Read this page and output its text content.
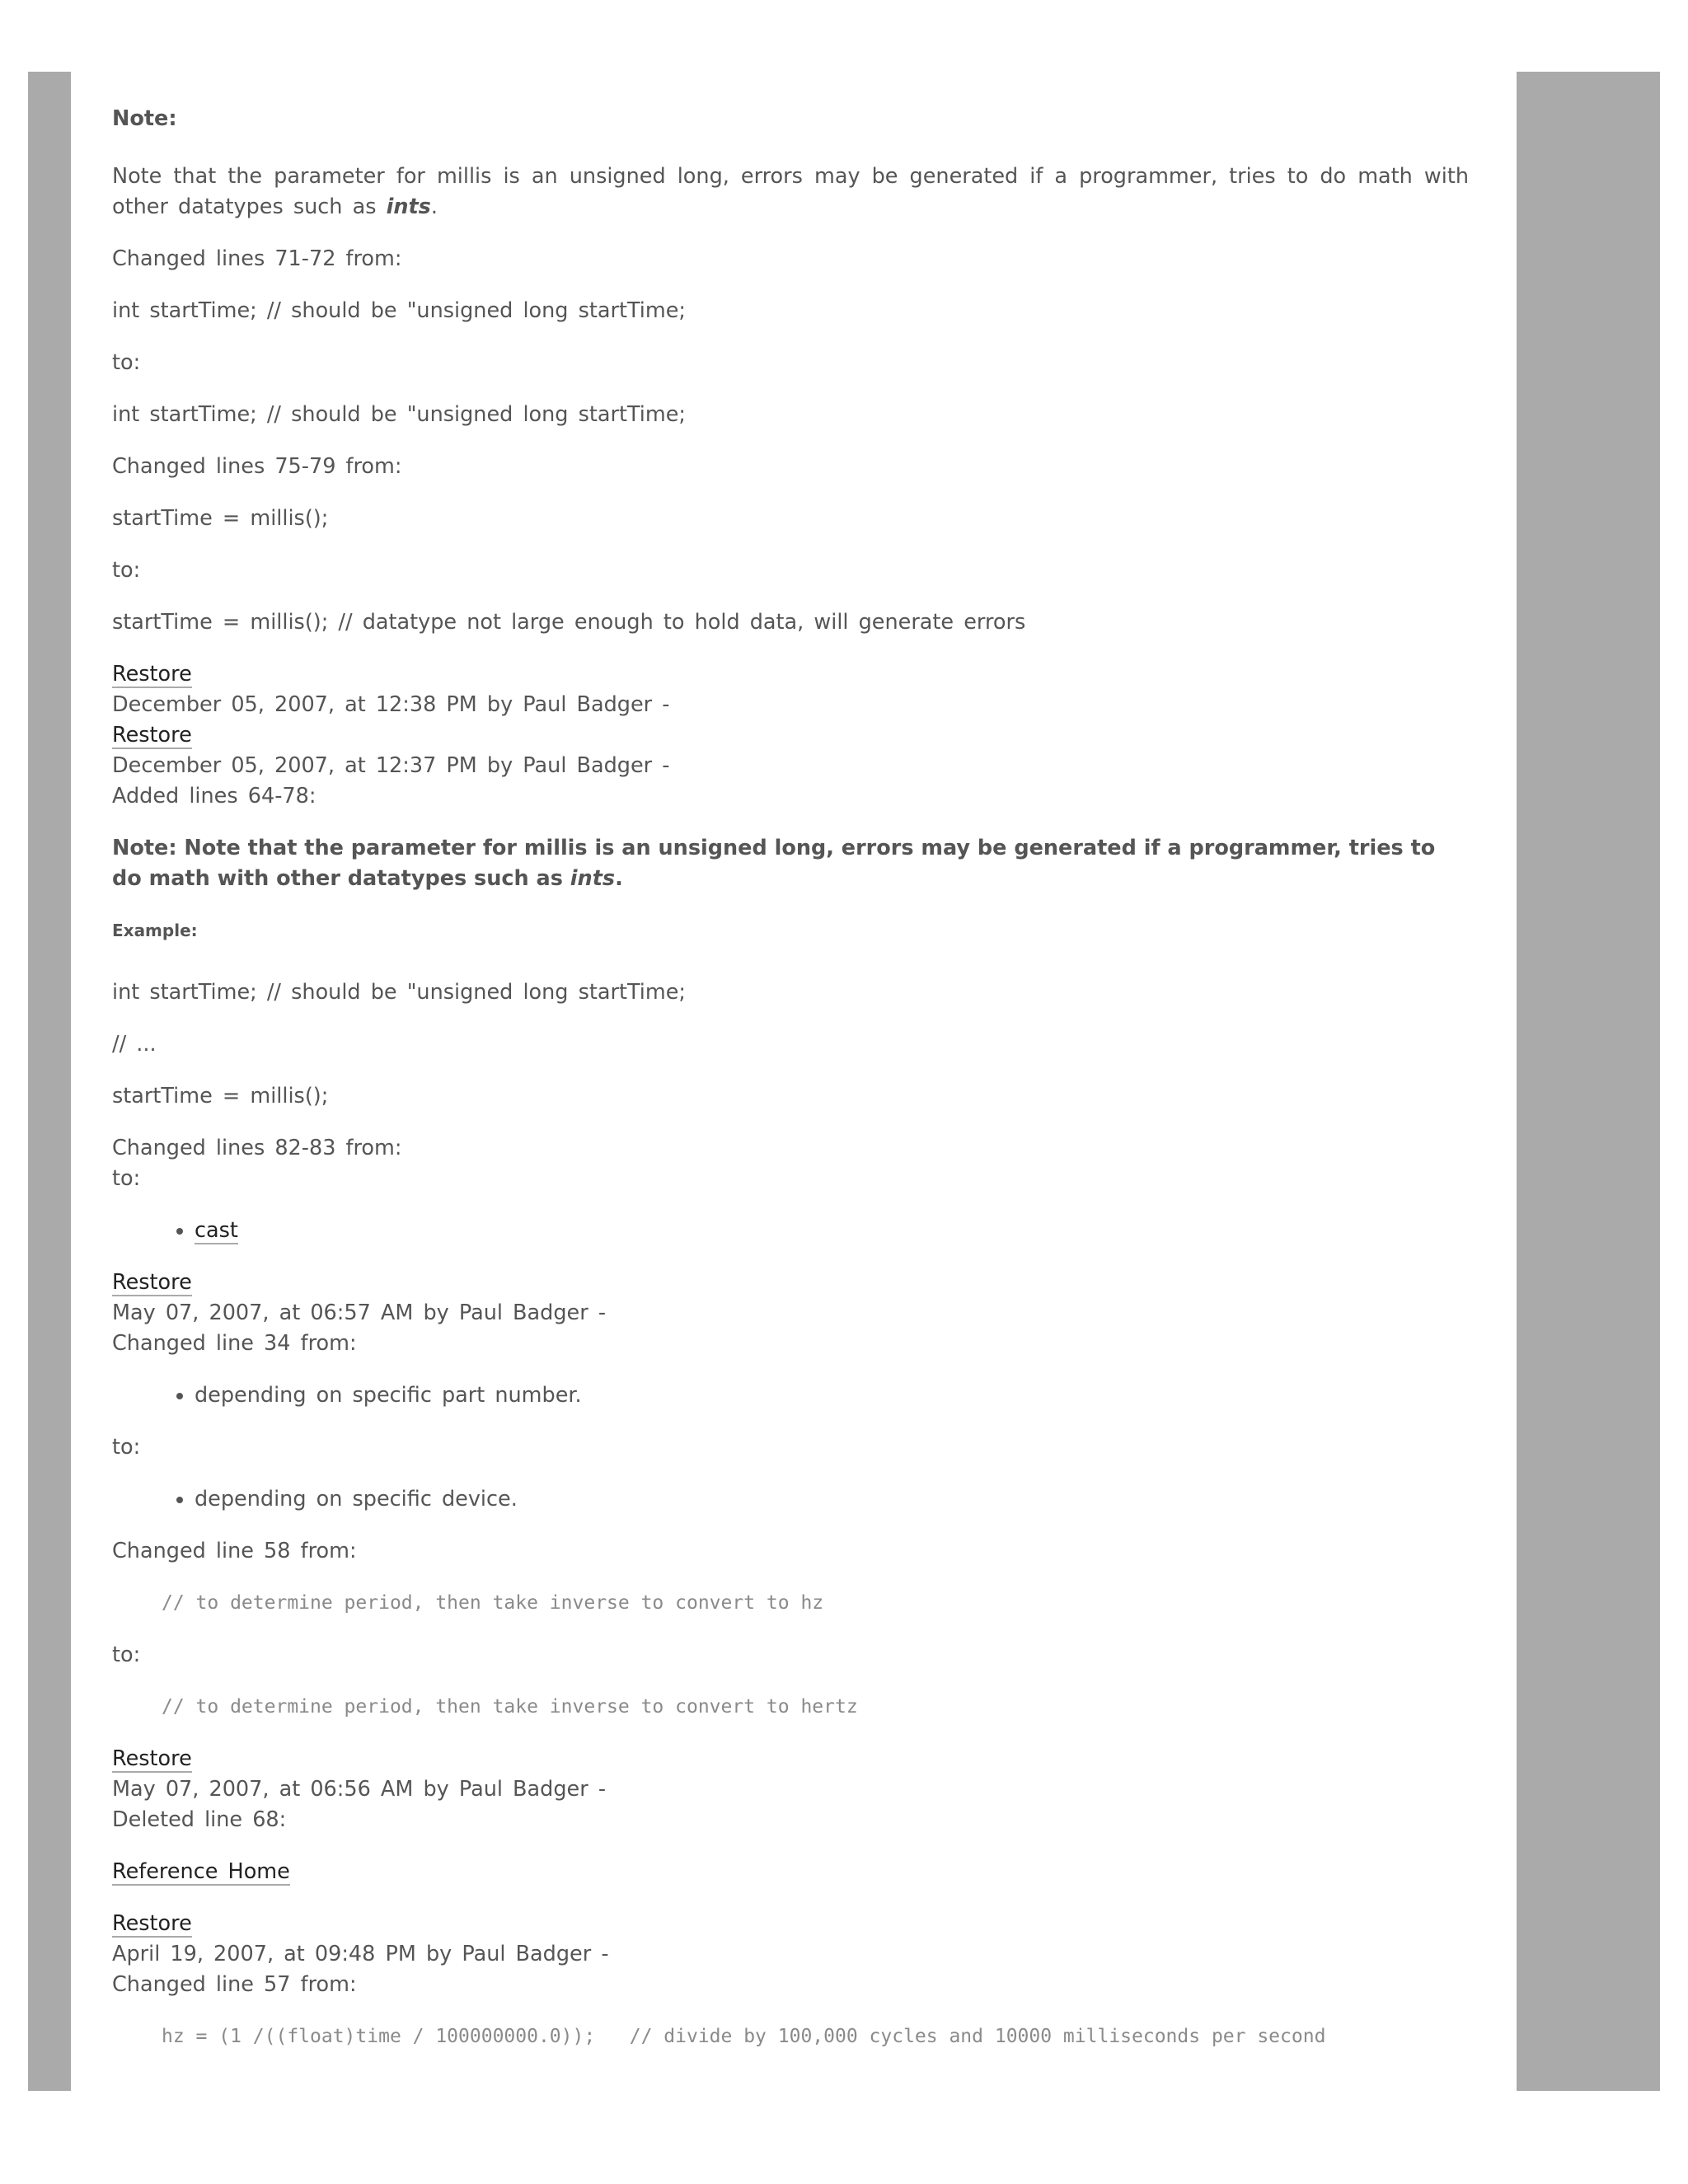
Note:

Note that the parameter for millis is an unsigned long, errors may be generated if a programmer, tries to do math with other datatypes such as ints.

Changed lines 71-72 from:

int startTime; // should be "unsigned long startTime;

to:

int startTime; // should be "unsigned long startTime;

Changed lines 75-79 from:

startTime = millis();

to:

startTime = millis(); // datatype not large enough to hold data, will generate errors

Restore
December 05, 2007, at 12:38 PM by Paul Badger -
Restore
December 05, 2007, at 12:37 PM by Paul Badger -
Added lines 64-78:

Note: Note that the parameter for millis is an unsigned long, errors may be generated if a programmer, tries to do math with other datatypes such as ints.

Example:

int startTime; // should be "unsigned long startTime;

// ...

startTime = millis();

Changed lines 82-83 from:

to:

• cast
Restore
May 07, 2007, at 06:57 AM by Paul Badger -

Changed line 34 from:

• depending on specific part number.

to:

• depending on specific device.

Changed line 58 from:

// to determine period, then take inverse to convert to hz

to:

// to determine period, then take inverse to convert to hertz
Restore
May 07, 2007, at 06:56 AM by Paul Badger -

Deleted line 68:

Reference Home

Restore
April 19, 2007, at 09:48 PM by Paul Badger -

Changed line 57 from:

hz = (1 /((float)time / 100000000.0));   // divide by 100,000 cycles and 10000 milliseconds per second
